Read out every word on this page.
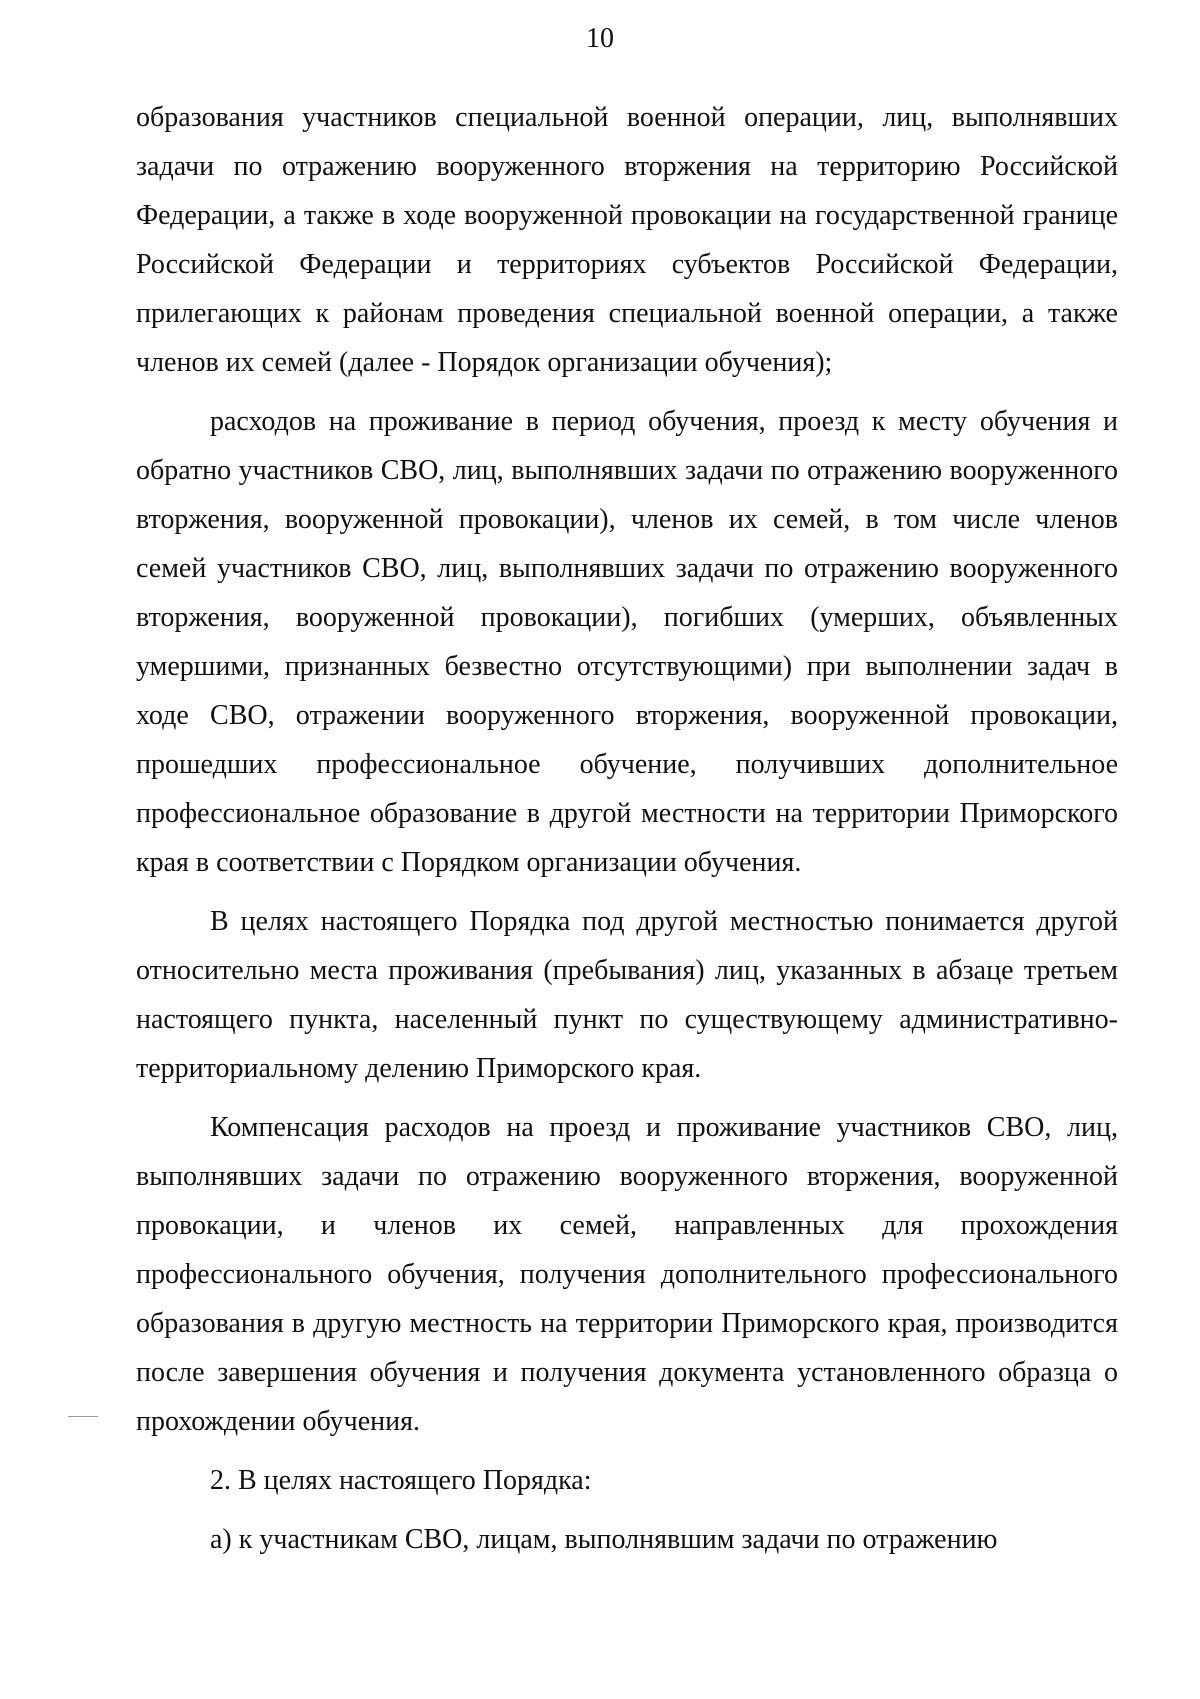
10

образования участников специальной военной операции, лиц, выполнявших задачи по отражению вооруженного вторжения на территорию Российской Федерации, а также в ходе вооруженной провокации на государственной границе Российской Федерации и территориях субъектов Российской Федерации, прилегающих к районам проведения специальной военной операции, а также членов их семей (далее - Порядок организации обучения);

расходов на проживание в период обучения, проезд к месту обучения и обратно участников СВО, лиц, выполнявших задачи по отражению вооруженного вторжения, вооруженной провокации), членов их семей, в том числе членов семей участников СВО, лиц, выполнявших задачи по отражению вооруженного вторжения, вооруженной провокации), погибших (умерших, объявленных умершими, признанных безвестно отсутствующими) при выполнении задач в ходе СВО, отражении вооруженного вторжения, вооруженной провокации, прошедших профессиональное обучение, получивших дополнительное профессиональное образование в другой местности на территории Приморского края в соответствии с Порядком организации обучения.

В целях настоящего Порядка под другой местностью понимается другой относительно места проживания (пребывания) лиц, указанных в абзаце третьем настоящего пункта, населенный пункт по существующему административно-территориальному делению Приморского края.

Компенсация расходов на проезд и проживание участников СВО, лиц, выполнявших задачи по отражению вооруженного вторжения, вооруженной провокации, и членов их семей, направленных для прохождения профессионального обучения, получения дополнительного профессионального образования в другую местность на территории Приморского края, производится после завершения обучения и получения документа установленного образца о прохождении обучения.

2. В целях настоящего Порядка:

а) к участникам СВО, лицам, выполнявшим задачи по отражению
